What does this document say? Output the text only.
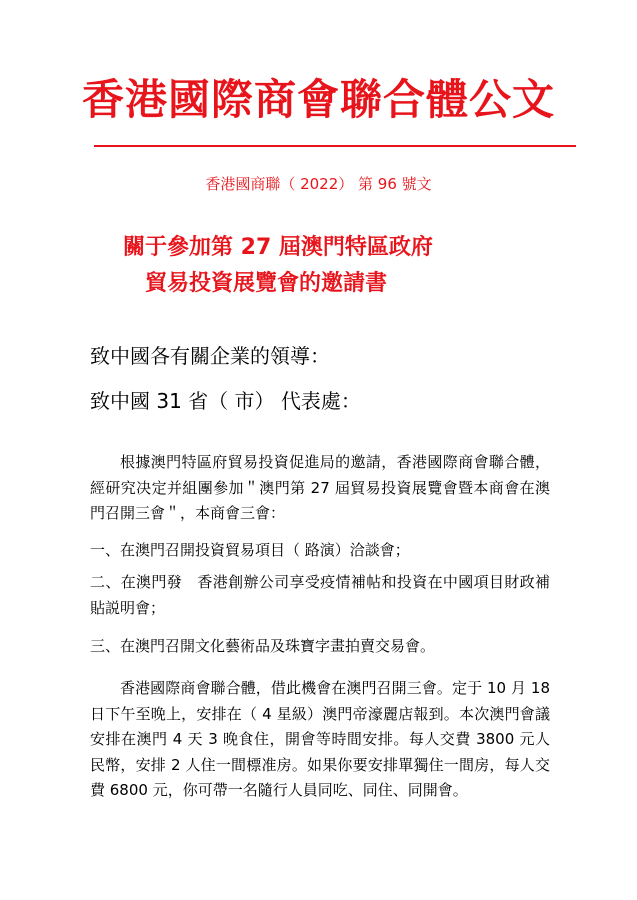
香港國際商會聯合體公文
香港國商聯（ 2022） 第 96 號文
關于參加第 27 屆澳門特區政府
貿易投資展覽會的邀請書
致中國各有關企業的領導：
致中國 31 省（ 市） 代表處：

根據澳門特區府貿易投資促進局的邀請，香港國際商會聯合體，經研究决定并組團參加＂澳門第 27 屆貿易投資展覽會暨本商會在澳門召開三會＂，本商會三會：

一、在澳門召開投資貿易項目（ 路演）洽談會；

二、在澳門發　香港創辦公司享受疫情補帖和投資在中國項目財政補貼説明會；

三、在澳門召開文化藝術品及珠寶字畫拍賣交易會。

香港國際商會聯合體，借此機會在澳門召開三會。定于 10 月 18 日下午至晚上，安排在（ 4 星級）澳門帝濠麗店報到。本次澳門會議安排在澳門 4 天 3 晚食住，開會等時間安排。每人交費 3800 元人民幣，安排 2 人住一間標准房。如果你要安排單獨住一間房，每人交費 6800 元，你可帶一名隨行人員同吃、同住、同開會。
